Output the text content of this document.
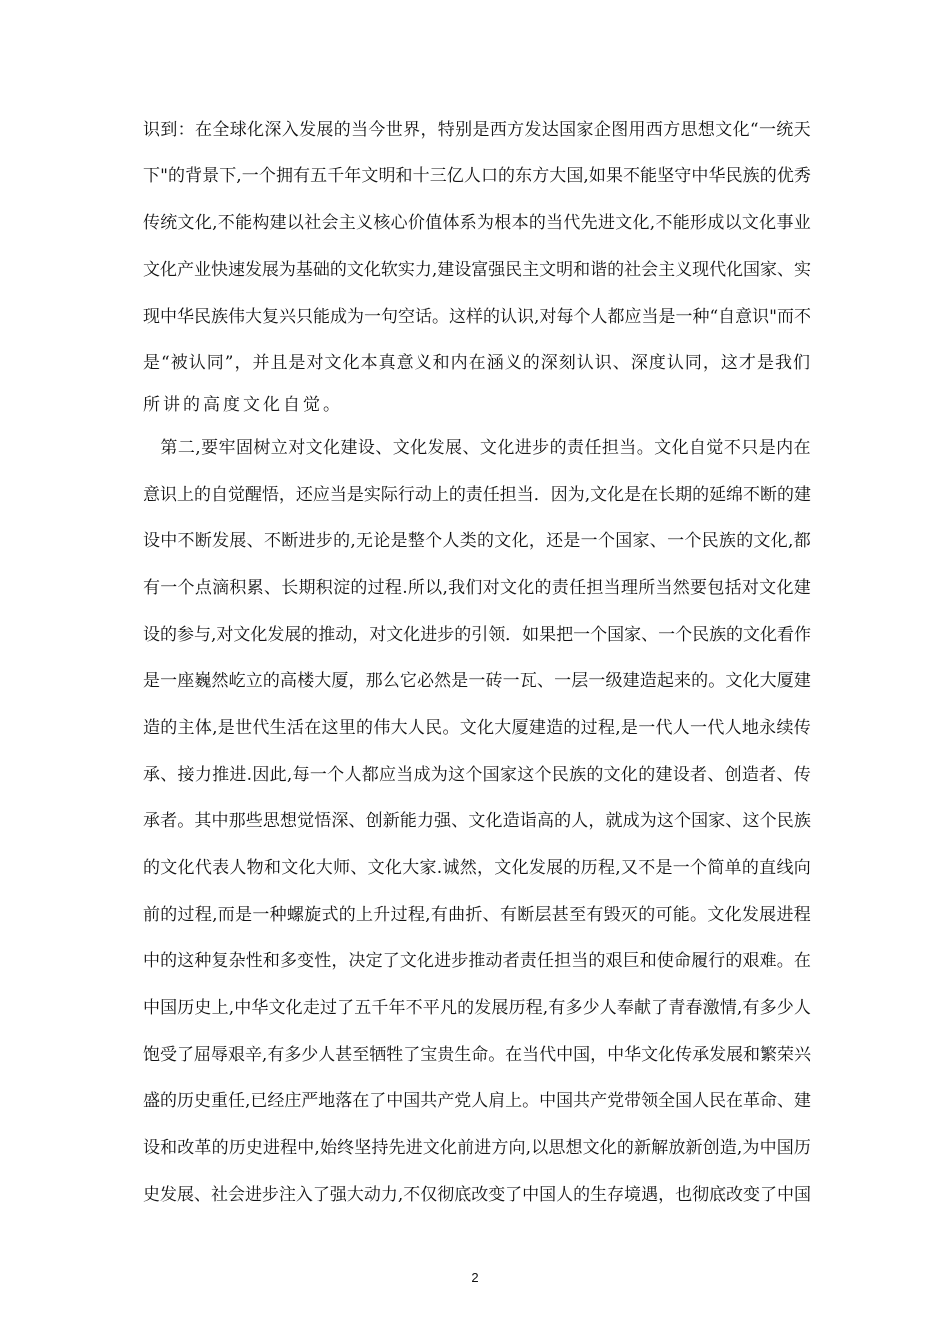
识到：在全球化深入发展的当今世界，特别是西方发达国家企图用西方思想文化“一统天
下"的背景下,一个拥有五千年文明和十三亿人口的东方大国,如果不能坚守中华民族的优秀
传统文化,不能构建以社会主义核心价值体系为根本的当代先进文化,不能形成以文化事业
文化产业快速发展为基础的文化软实力,建设富强民主文明和谐的社会主义现代化国家、实
现中华民族伟大复兴只能成为一句空话。这样的认识,对每个人都应当是一种“自意识"而不
是“被认同”，并且是对文化本真意义和内在涵义的深刻认识、深度认同，这才是我们
所讲的高度文化自觉。
　第二,要牢固树立对文化建设、文化发展、文化进步的责任担当。文化自觉不只是内在
意识上的自觉醒悟，还应当是实际行动上的责任担当．因为,文化是在长期的延绵不断的建
设中不断发展、不断进步的,无论是整个人类的文化，还是一个国家、一个民族的文化,都
有一个点滴积累、长期积淀的过程.所以,我们对文化的责任担当理所当然要包括对文化建
设的参与,对文化发展的推动，对文化进步的引领．如果把一个国家、一个民族的文化看作
是一座巍然屹立的高楼大厦，那么它必然是一砖一瓦、一层一级建造起来的。文化大厦建
造的主体,是世代生活在这里的伟大人民。文化大厦建造的过程,是一代人一代人地永续传
承、接力推进.因此,每一个人都应当成为这个国家这个民族的文化的建设者、创造者、传
承者。其中那些思想觉悟深、创新能力强、文化造诣高的人，就成为这个国家、这个民族
的文化代表人物和文化大师、文化大家.诚然，文化发展的历程,又不是一个简单的直线向
前的过程,而是一种螺旋式的上升过程,有曲折、有断层甚至有毁灭的可能。文化发展进程
中的这种复杂性和多变性，决定了文化进步推动者责任担当的艰巨和使命履行的艰难。在
中国历史上,中华文化走过了五千年不平凡的发展历程,有多少人奉献了青春激情,有多少人
饱受了屈辱艰辛,有多少人甚至牺牲了宝贵生命。在当代中国，中华文化传承发展和繁荣兴
盛的历史重任,已经庄严地落在了中国共产党人肩上。中国共产党带领全国人民在革命、建
设和改革的历史进程中,始终坚持先进文化前进方向,以思想文化的新解放新创造,为中国历
史发展、社会进步注入了强大动力,不仅彻底改变了中国人的生存境遇，也彻底改变了中国
2
